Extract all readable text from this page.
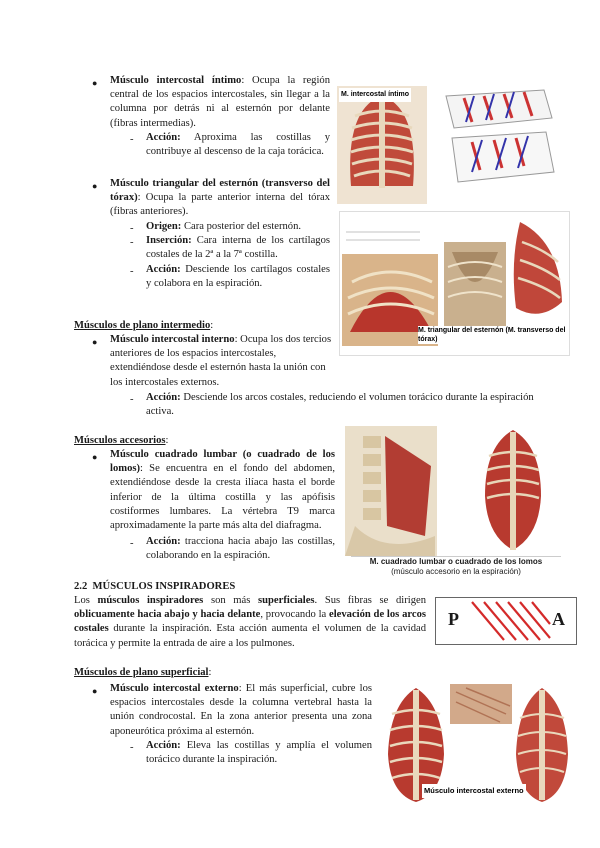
● Músculo intercostal íntimo: Ocupa la región central de los espacios intercostales, sin llegar a la columna por detrás ni al esternón por delante (fibras intermedias).
- Acción: Aproxima las costillas y contribuye al descenso de la caja torácica.
● Músculo triangular del esternón (transverso del tórax): Ocupa la parte anterior interna del tórax (fibras anteriores).
- Origen: Cara posterior del esternón.
- Inserción: Cara interna de los cartílagos costales de la 2ª a la 7ª costilla.
- Acción: Desciende los cartílagos costales y colabora en la espiración.
Músculos de plano intermedio:
● Músculo intercostal interno: Ocupa los dos tercios anteriores de los espacios intercostales, extendiéndose desde el esternón hasta la unión con los intercostales externos.
- Acción: Desciende los arcos costales, reduciendo el volumen torácico durante la espiración activa.
Músculos accesorios:
● Músculo cuadrado lumbar (o cuadrado de los lomos): Se encuentra en el fondo del abdomen, extendiéndose desde la cresta ilíaca hasta el borde inferior de la última costilla y las apófisis costiformes lumbares. La vértebra T9 marca aproximadamente la parte más alta del diafragma.
- Acción: tracciona hacia abajo las costillas, colaborando en la espiración.
2.2 MÚSCULOS INSPIRADORES
Los músculos inspiradores son más superficiales. Sus fibras se dirigen oblicuamente hacia abajo y hacia delante, provocando la elevación de los arcos costales durante la inspiración. Esta acción aumenta el volumen de la cavidad torácica y permite la entrada de aire a los pulmones.
Músculos de plano superficial:
● Músculo intercostal externo: El más superficial, cubre los espacios intercostales desde la columna vertebral hasta la unión condrocostal. En la zona anterior presenta una zona aponeurótica próxima al esternón.
- Acción: Eleva las costillas y amplía el volumen torácico durante la inspiración.
M. intercostal íntimo
M. triangular del esternón (M. transverso del tórax)
M. cuadrado lumbar o cuadrado de los lomos
(músculo accesorio en la espiración)
P	A
Músculo intercostal externo
